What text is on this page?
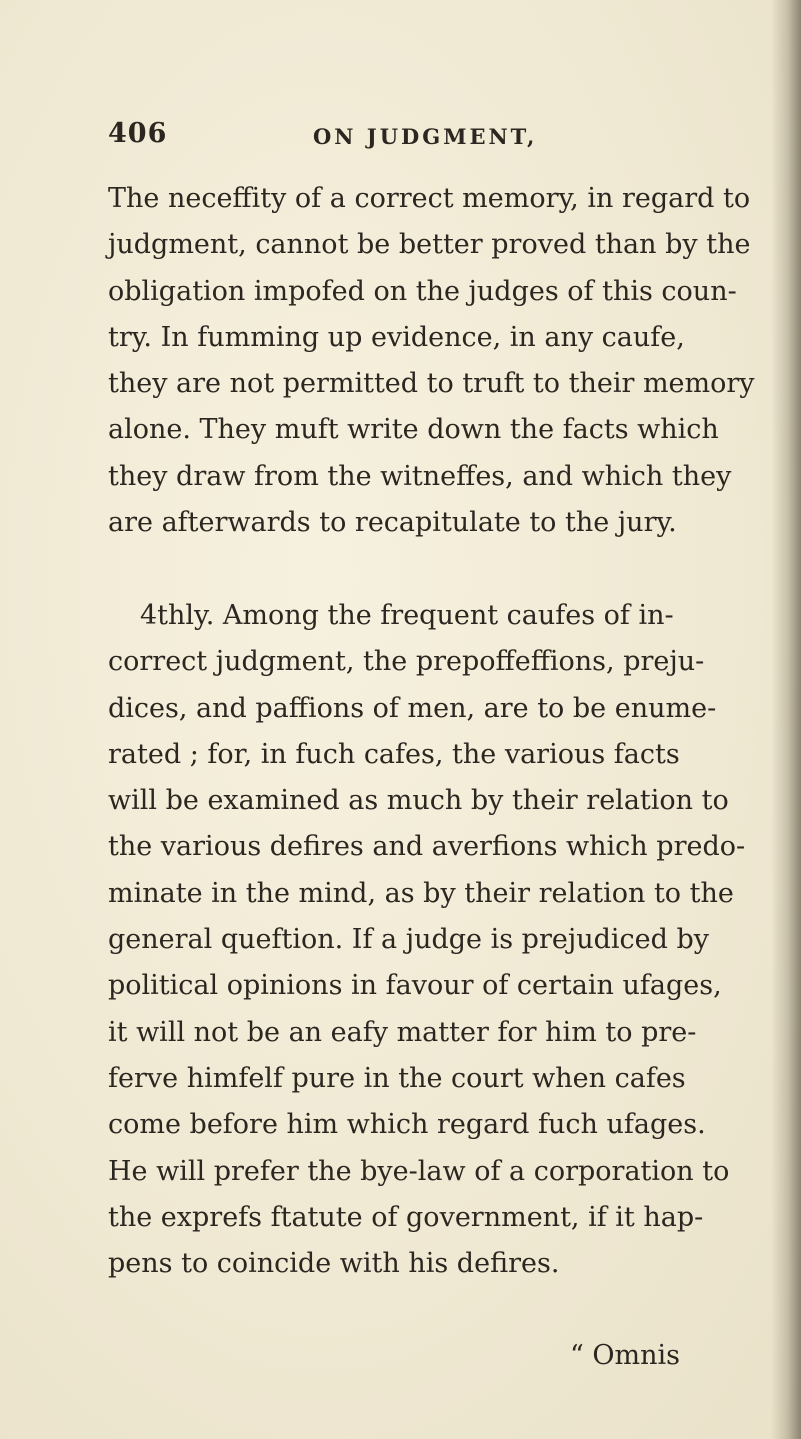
406	ON JUDGMENT,
The neceffity of a correct memory, in regard to
judgment, cannot be better proved than by the
obligation impofed on the judges of this coun-
try. In fumming up evidence, in any caufe,
they are not permitted to truft to their memory
alone. They muft write down the facts which
they draw from the witneffes, and which they
are afterwards to recapitulate to the jury.
4thly. Among the frequent caufes of in-
correct judgment, the prepoffeffions, preju-
dices, and paffions of men, are to be enume-
rated ; for, in fuch cafes, the various facts
will be examined as much by their relation to
the various defires and averfions which predo-
minate in the mind, as by their relation to the
general queftion. If a judge is prejudiced by
political opinions in favour of certain ufages,
it will not be an eafy matter for him to pre-
ferve himfelf pure in the court when cafes
come before him which regard fuch ufages.
He will prefer the bye-law of a corporation to
the exprefs ftatute of government, if it hap-
pens to coincide with his defires.
“ Omnis
